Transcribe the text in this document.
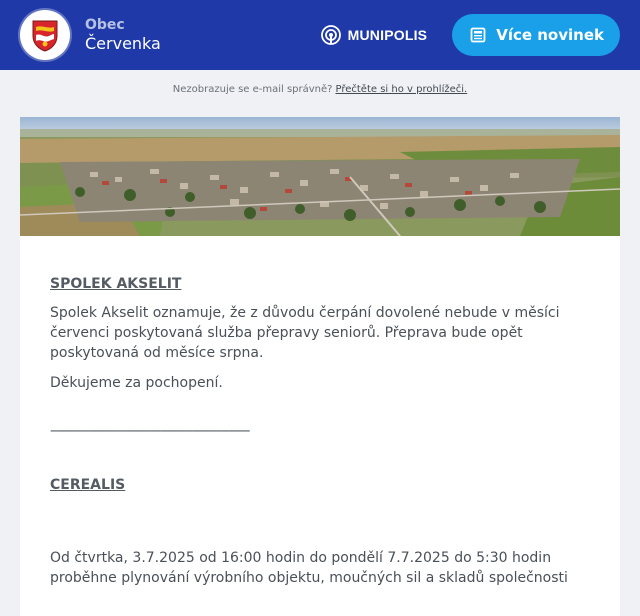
Obec
Červenka	MUNIPOLIS	Více novinek
Nezobrazuje se e-mail správně? Přečtěte si ho v prohlížeči.
SPOLEK AKSELIT

Spolek Akselit oznamuje, že z důvodu čerpání dovolené nebude v měsíci červenci poskytovaná služba přepravy seniorů. Přeprava bude opět poskytovaná od měsíce srpna.

Děkujeme za pochopení.

--------------------------------------------------------
CEREALIS

Od čtvrtka, 3.7.2025 od 16:00 hodin do pondělí 7.7.2025 do 5:30 hodin proběhne plynování výrobního objektu, moučných sil a skladů společnosti
